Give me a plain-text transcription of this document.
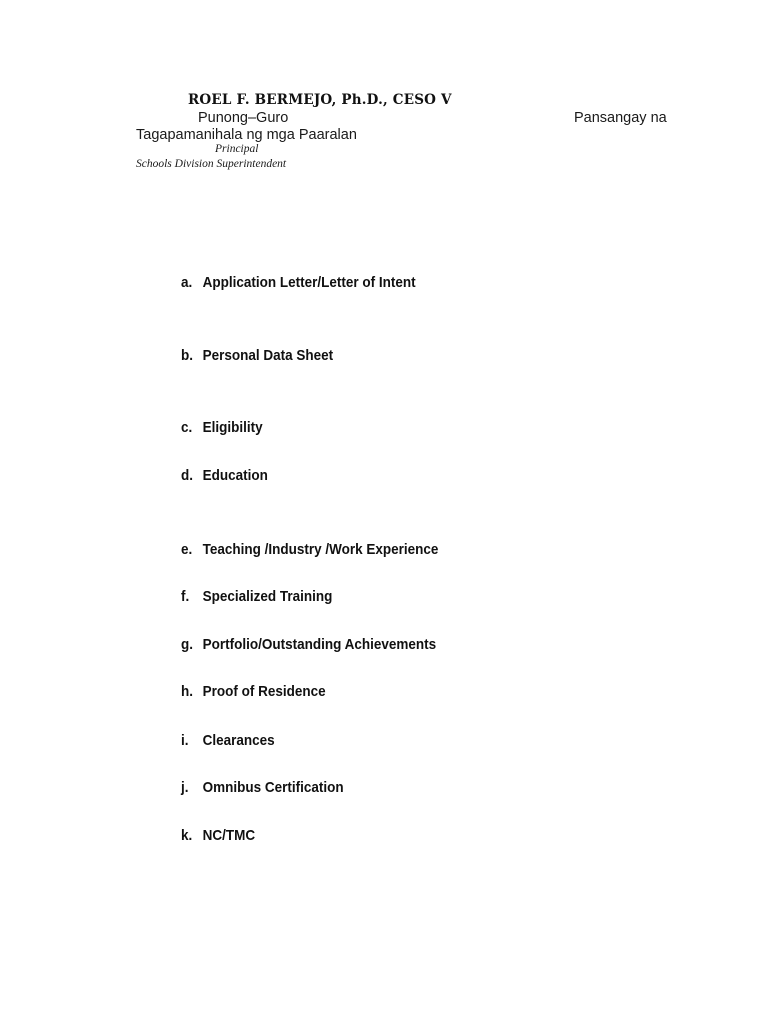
ROEL F. BERMEJO, Ph.D., CESO V
Punong–Guro	Pansangay na
Tagapamanihala ng mga Paaralan
Principal
Schools Division Superintendent
a. Application Letter/Letter of Intent
b. Personal Data Sheet
c. Eligibility
d. Education
e. Teaching /Industry /Work Experience
f. Specialized Training
g. Portfolio/Outstanding Achievements
h. Proof of Residence
i. Clearances
j. Omnibus Certification
k. NC/TMC
